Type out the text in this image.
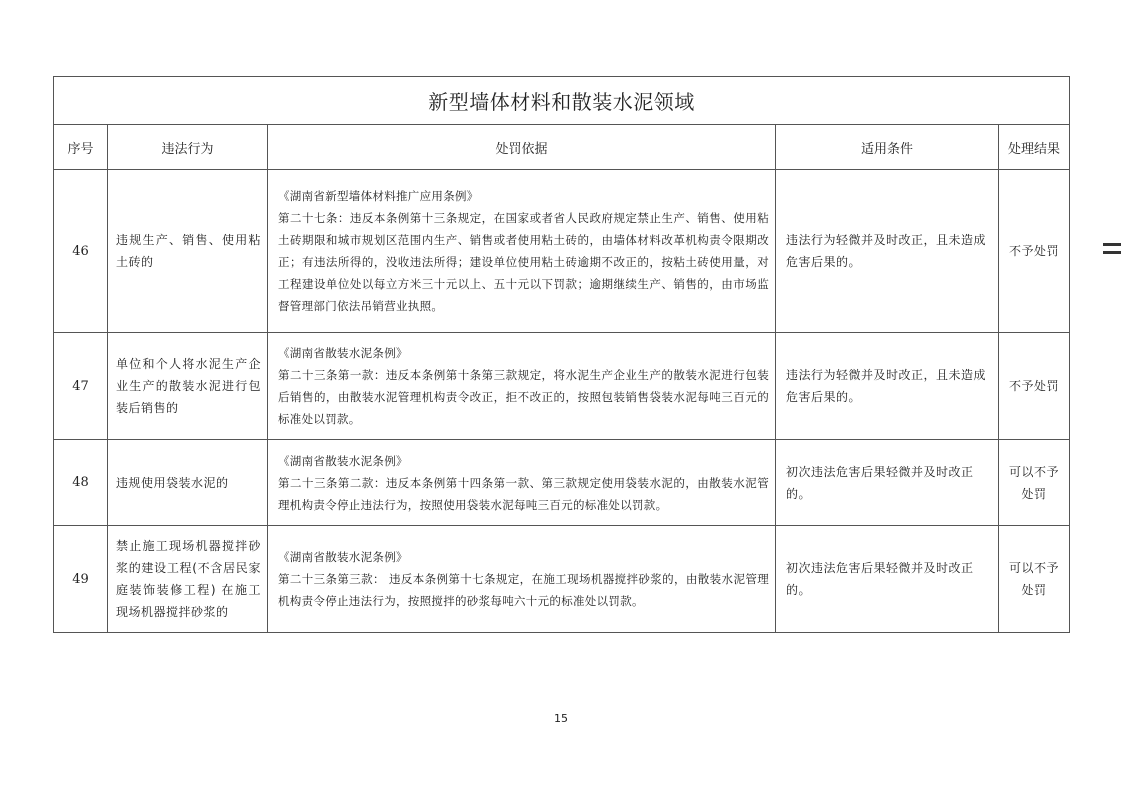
新型墙体材料和散装水泥领域				
序号	违法行为	处罚依据	适用条件	处理结果
46	违规生产、销售、使用粘土砖的	《湖南省新型墙体材料推广应用条例》
第二十七条：违反本条例第十三条规定，在国家或者省人民政府规定禁止生产、销售、使用粘土砖期限和城市规划区范围内生产、销售或者使用粘土砖的，由墙体材料改革机构责令限期改正；有违法所得的，没收违法所得；建设单位使用粘土砖逾期不改正的，按粘土砖使用量，对工程建设单位处以每立方米三十元以上、五十元以下罚款；逾期继续生产、销售的，由市场监督管理部门依法吊销营业执照。	违法行为轻微并及时改正，且未造成危害后果的。	不予处罚
47	单位和个人将水泥生产企业生产的散装水泥进行包装后销售的	《湖南省散装水泥条例》
第二十三条第一款：违反本条例第十条第三款规定，将水泥生产企业生产的散装水泥进行包装后销售的，由散装水泥管理机构责令改正，拒不改正的，按照包装销售袋装水泥每吨三百元的标准处以罚款。	违法行为轻微并及时改正，且未造成危害后果的。	不予处罚
48	违规使用袋装水泥的	《湖南省散装水泥条例》
第二十三条第二款：违反本条例第十四条第一款、第三款规定使用袋装水泥的，由散装水泥管理机构责令停止违法行为，按照使用袋装水泥每吨三百元的标准处以罚款。	初次违法危害后果轻微并及时改正的。	可以不予处罚
49	禁止施工现场机器搅拌砂浆的建设工程(不含居民家庭装饰装修工程) 在施工现场机器搅拌砂浆的	《湖南省散装水泥条例》
第二十三条第三款： 违反本条例第十七条规定，在施工现场机器搅拌砂浆的，由散装水泥管理机构责令停止违法行为，按照搅拌的砂浆每吨六十元的标准处以罚款。	初次违法危害后果轻微并及时改正的。	可以不予处罚
15
